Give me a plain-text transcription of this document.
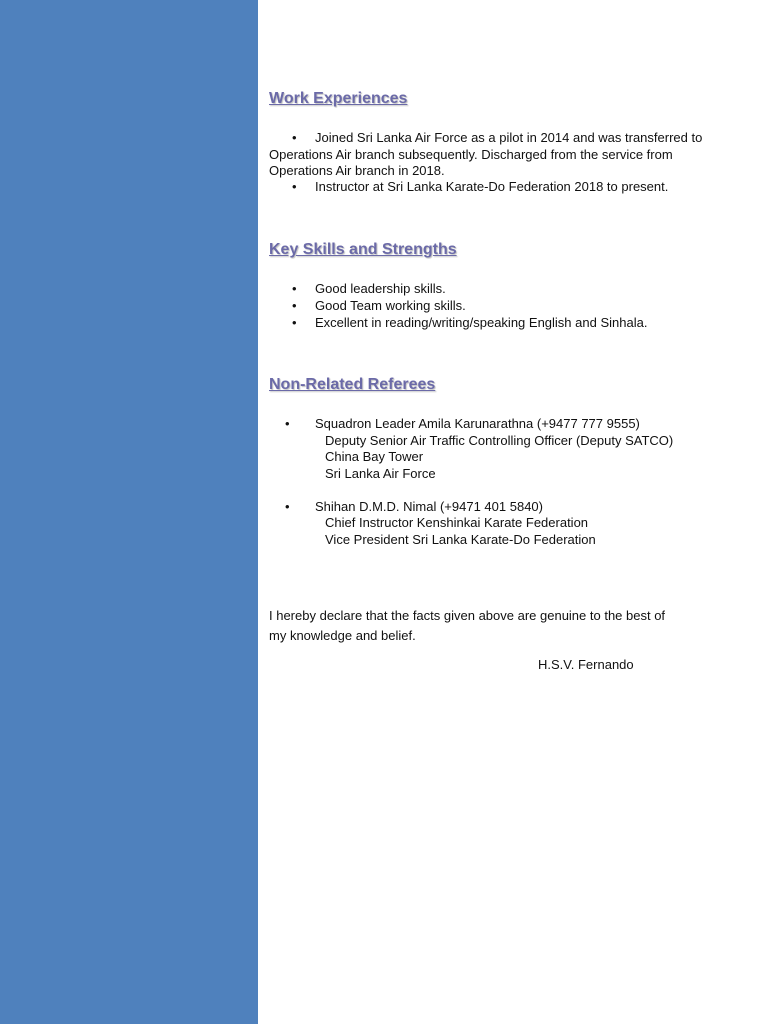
Work Experiences
•	Joined Sri Lanka Air Force as a pilot in 2014 and was transferred to Operations Air branch subsequently. Discharged from the service from Operations Air branch in 2018.
• Instructor at Sri Lanka Karate-Do Federation 2018 to present.
Key Skills and Strengths
• Good leadership skills.
• Good Team working skills.
• Excellent in reading/writing/speaking English and Sinhala.
Non-Related Referees
• Squadron Leader Amila Karunarathna (+9477 777 9555)
Deputy Senior Air Traffic Controlling Officer (Deputy SATCO)
China Bay Tower
Sri Lanka Air Force
• Shihan D.M.D. Nimal (+9471 401 5840)
Chief Instructor Kenshinkai Karate Federation
Vice President Sri Lanka Karate-Do Federation
I hereby declare that the facts given above are genuine to the best of my knowledge and belief.
H.S.V. Fernando
